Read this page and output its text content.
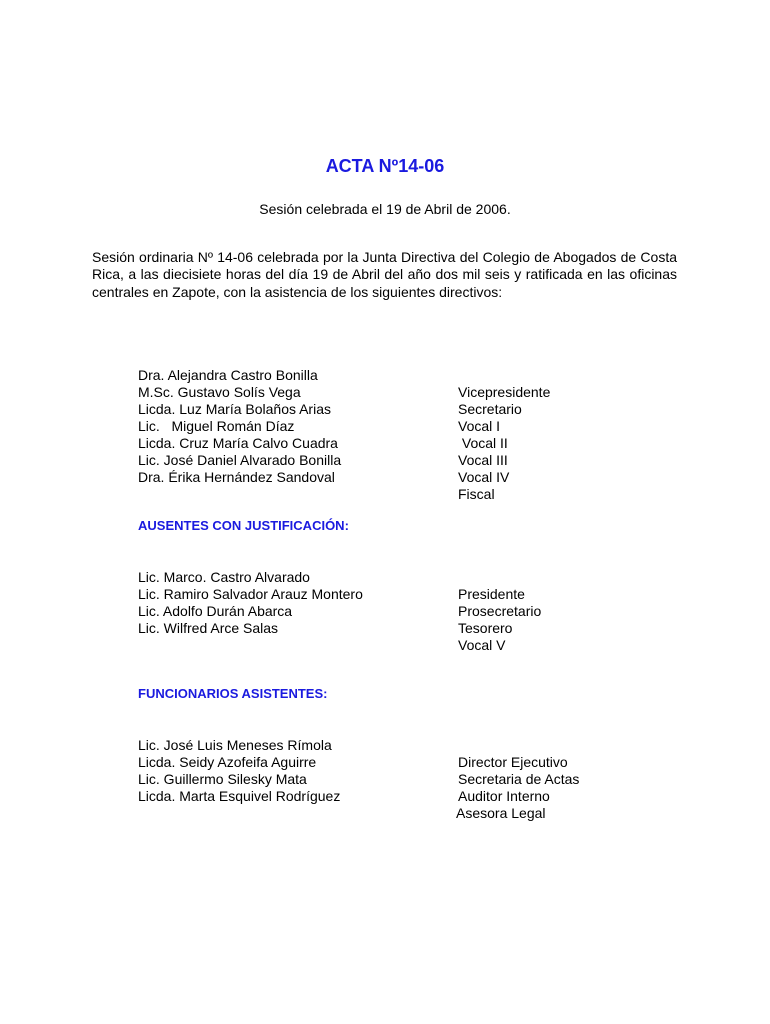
ACTA Nº14-06
Sesión celebrada el 19 de Abril de 2006.
Sesión ordinaria Nº 14-06 celebrada por la Junta Directiva del Colegio de Abogados de Costa Rica, a las diecisiete horas del día 19 de Abril del año dos mil seis y ratificada en las oficinas centrales en Zapote, con la asistencia de los siguientes directivos:

Dra. Alejandra Castro Bonilla

Vicepresidente

M.Sc. Gustavo Solís Vega

Secretario

Licda. Luz María Bolaños Arias

Vocal I

Lic.   Miguel Román Díaz

Vocal II

Licda. Cruz María Calvo Cuadra

Vocal III

Lic. José Daniel Alvarado Bonilla

Vocal IV

Dra. Érika Hernández Sandoval

Fiscal

AUSENTES CON JUSTIFICACIÓN:

Lic. Marco. Castro Alvarado

Presidente

Lic. Ramiro Salvador Arauz Montero

Prosecretario

Lic. Adolfo Durán Abarca

Tesorero

Lic. Wilfred Arce Salas

Vocal V

FUNCIONARIOS ASISTENTES:

Lic. José Luis Meneses Rímola

Director Ejecutivo

Licda. Seidy Azofeifa Aguirre

Secretaria de Actas

Lic. Guillermo Silesky Mata

Auditor Interno

Licda. Marta Esquivel Rodríguez

Asesora Legal
